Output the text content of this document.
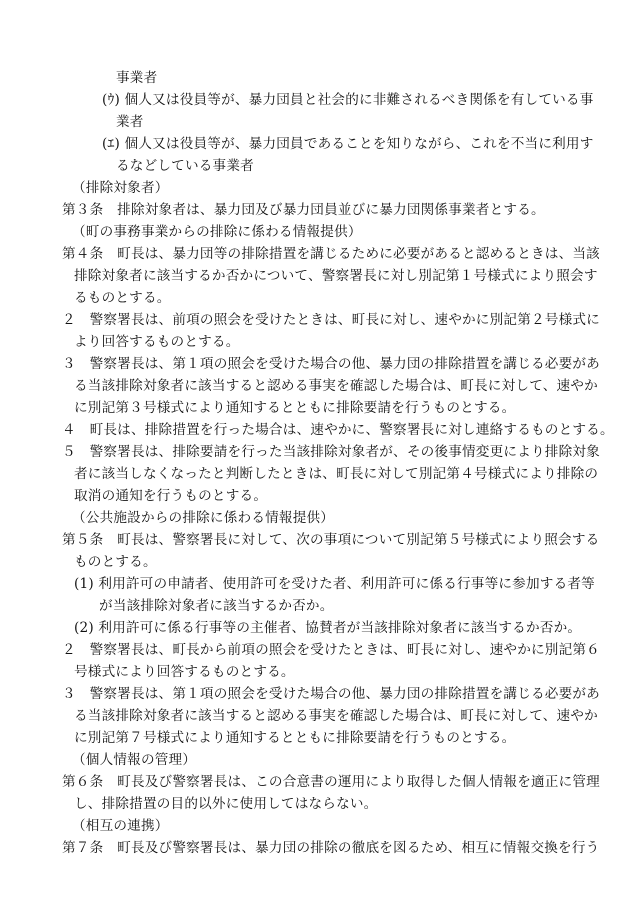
事業者
(ｳ) 個人又は役員等が、暴力団員と社会的に非難されるべき関係を有している事
業者
(ｴ) 個人又は役員等が、暴力団員であることを知りながら、これを不当に利用す
るなどしている事業者
（排除対象者）
第３条　排除対象者は、暴力団及び暴力団員並びに暴力団関係事業者とする。
（町の事務事業からの排除に係わる情報提供）
第４条　町長は、暴力団等の排除措置を講じるために必要があると認めるときは、当該
排除対象者に該当するか否かについて、警察署長に対し別記第１号様式により照会す
るものとする。
２　警察署長は、前項の照会を受けたときは、町長に対し、速やかに別記第２号様式に
より回答するものとする。
３　警察署長は、第１項の照会を受けた場合の他、暴力団の排除措置を講じる必要があ
る当該排除対象者に該当すると認める事実を確認した場合は、町長に対して、速やか
に別記第３号様式により通知するとともに排除要請を行うものとする。
４　町長は、排除措置を行った場合は、速やかに、警察署長に対し連絡するものとする。
５　警察署長は、排除要請を行った当該排除対象者が、その後事情変更により排除対象
者に該当しなくなったと判断したときは、町長に対して別記第４号様式により排除の
取消の通知を行うものとする。
（公共施設からの排除に係わる情報提供）
第５条　町長は、警察署長に対して、次の事項について別記第５号様式により照会する
ものとする。
(1) 利用許可の申請者、使用許可を受けた者、利用許可に係る行事等に参加する者等
が当該排除対象者に該当するか否か。
(2) 利用許可に係る行事等の主催者、協賛者が当該排除対象者に該当するか否か。
２　警察署長は、町長から前項の照会を受けたときは、町長に対し、速やかに別記第６
号様式により回答するものとする。
３　警察署長は、第１項の照会を受けた場合の他、暴力団の排除措置を講じる必要があ
る当該排除対象者に該当すると認める事実を確認した場合は、町長に対して、速やか
に別記第７号様式により通知するとともに排除要請を行うものとする。
（個人情報の管理）
第６条　町長及び警察署長は、この合意書の運用により取得した個人情報を適正に管理
し、排除措置の目的以外に使用してはならない。
（相互の連携）
第７条　町長及び警察署長は、暴力団の排除の徹底を図るため、相互に情報交換を行う
